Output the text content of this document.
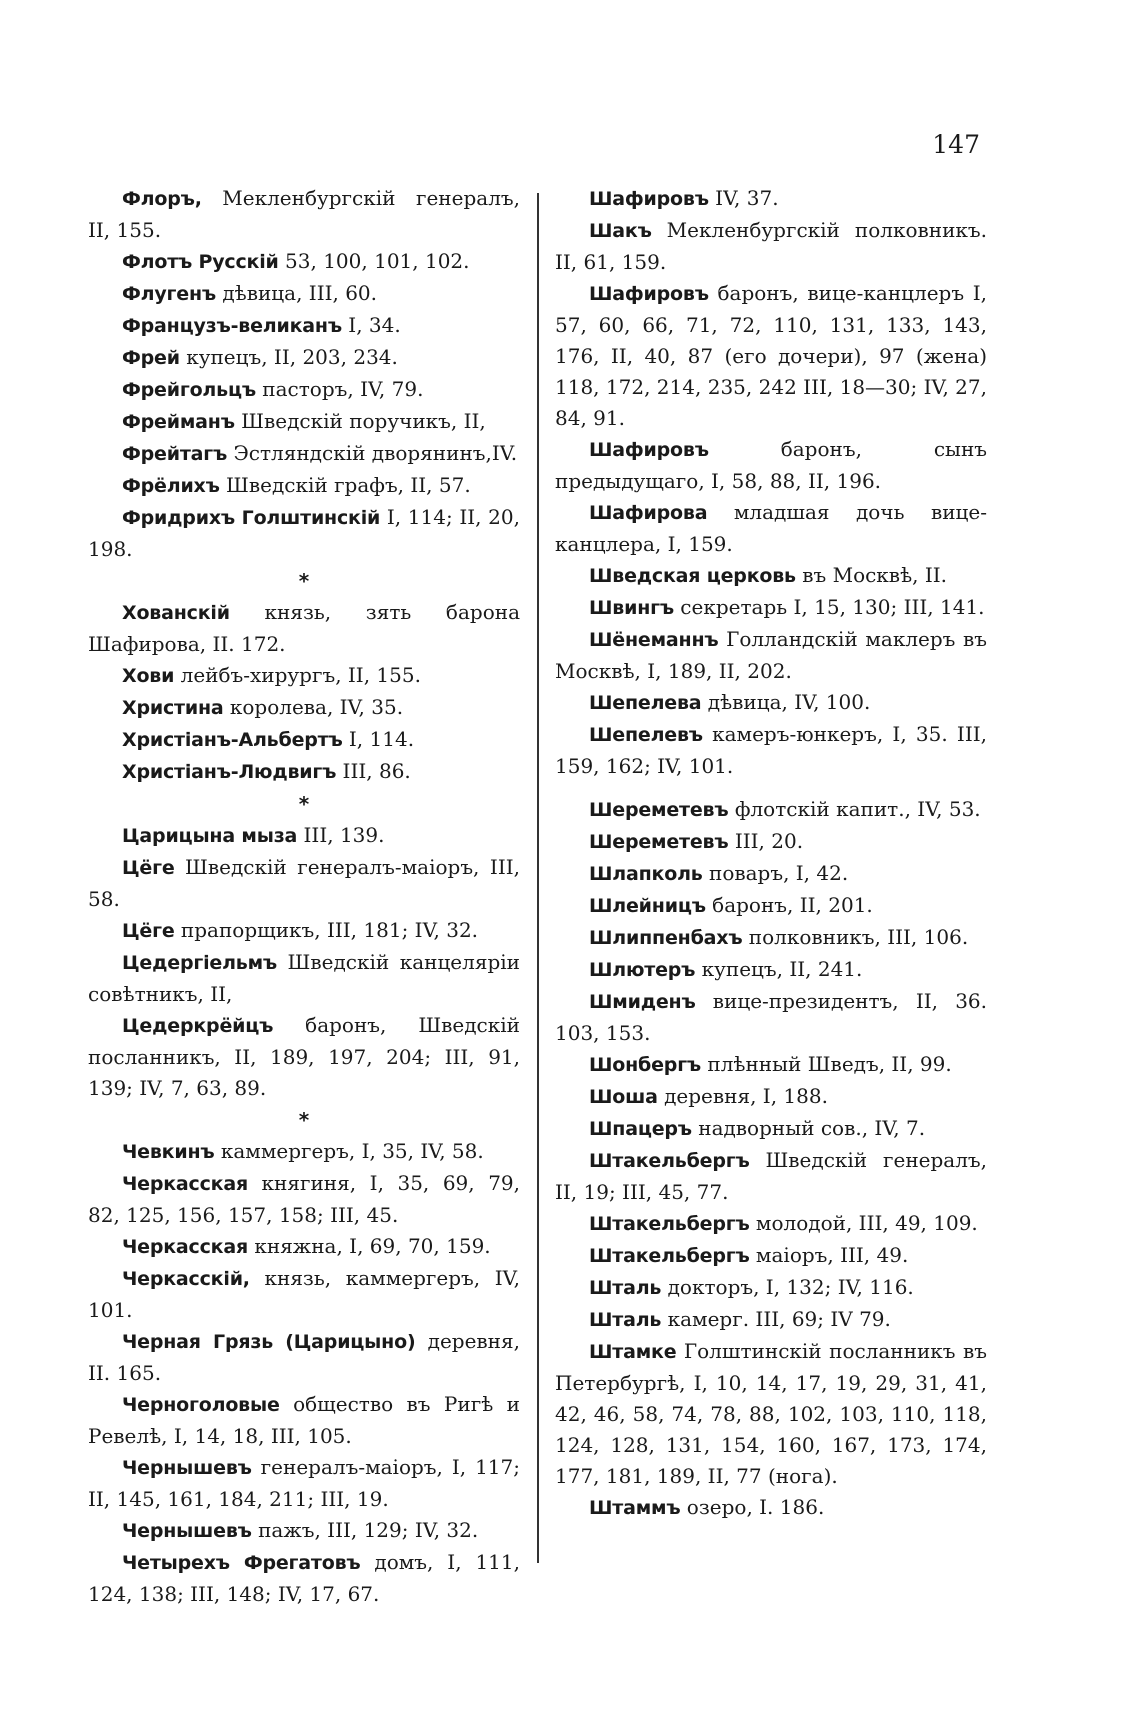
147

Флоръ, Мекленбургскій генералъ, II, 155.

Флотъ Русскій 53, 100, 101, 102.

Флугенъ дѣвица, III, 60.

Французъ-великанъ I, 34.

Фрей купецъ, II, 203, 234.

Фрейгольцъ пасторъ, IV, 79.

Фрейманъ Шведскій поручикъ, II,

Фрейтагъ Эстляндскій дворянинъ,IV.

Фрёлихъ Шведскій графъ, II, 57.

Фридрихъ Голштинскій I, 114; II, 20, 198.

*

Хованскій князь, зять барона Шафирова, II. 172.

Хови лейбъ-хирургъ, II, 155.

Христина королева, IV, 35.

Христіанъ-Альбертъ I, 114.

Христіанъ-Людвигъ III, 86.

*

Царицына мыза III, 139.

Цёге Шведскій генералъ-маіоръ, III, 58.

Цёге прапорщикъ, III, 181; IV, 32.

Цедергіельмъ Шведскій канцеляріи совѣтникъ, II,

Цедеркрёйцъ баронъ, Шведскій посланникъ, II, 189, 197, 204; III, 91, 139; IV, 7, 63, 89.

*

Чевкинъ каммергеръ, I, 35, IV, 58.

Черкасская княгиня, I, 35, 69, 79, 82, 125, 156, 157, 158; III, 45.

Черкасская княжна, I, 69, 70, 159.

Черкасскій, князь, каммергеръ, IV, 101.

Черная Грязь (Царицыно) деревня, II. 165.

Черноголовые общество въ Ригѣ и Ревелѣ, I, 14, 18, III, 105.

Чернышевъ генералъ-маіоръ, I, 117; II, 145, 161, 184, 211; III, 19.

Чернышевъ пажъ, III, 129; IV, 32.

Четырехъ Фрегатовъ домъ, I, 111, 124, 138; III, 148; IV, 17, 67.

Шафировъ IV, 37.

Шакъ Мекленбургскій полковникъ. II, 61, 159.

Шафировъ баронъ, вице-канцлеръ I, 57, 60, 66, 71, 72, 110, 131, 133, 143, 176, II, 40, 87 (его дочери), 97 (жена) 118, 172, 214, 235, 242 III, 18—30; IV, 27, 84, 91.

Шафировъ баронъ, сынъ предыдущаго, I, 58, 88, II, 196.

Шафирова младшая дочь вице-канцлера, I, 159.

Шведская церковь въ Москвѣ, II.

Швингъ секретарь I, 15, 130; III, 141.

Шёнеманнъ Голландскій маклеръ въ Москвѣ, I, 189, II, 202.

Шепелева дѣвица, IV, 100.

Шепелевъ камеръ-юнкеръ, I, 35. III, 159, 162; IV, 101.

Шереметевъ флотскій капит., IV, 53.

Шереметевъ III, 20.

Шлапколь поваръ, I, 42.

Шлейницъ баронъ, II, 201.

Шлиппенбахъ полковникъ, III, 106.

Шлютеръ купецъ, II, 241.

Шмиденъ вице-президентъ, II, 36. 103, 153.

Шонбергъ плѣнный Шведъ, II, 99.

Шоша деревня, I, 188.

Шпацеръ надворный сов., IV, 7.

Штакельбергъ Шведскій генералъ, II, 19; III, 45, 77.

Штакельбергъ молодой, III, 49, 109.

Штакельбергъ маіоръ, III, 49.

Шталь докторъ, I, 132; IV, 116.

Шталь камерг. III, 69; IV 79.

Штамке Голштинскій посланникъ въ Петербургѣ, I, 10, 14, 17, 19, 29, 31, 41, 42, 46, 58, 74, 78, 88, 102, 103, 110, 118, 124, 128, 131, 154, 160, 167, 173, 174, 177, 181, 189, II, 77 (нога).

Штаммъ озеро, I. 186.
